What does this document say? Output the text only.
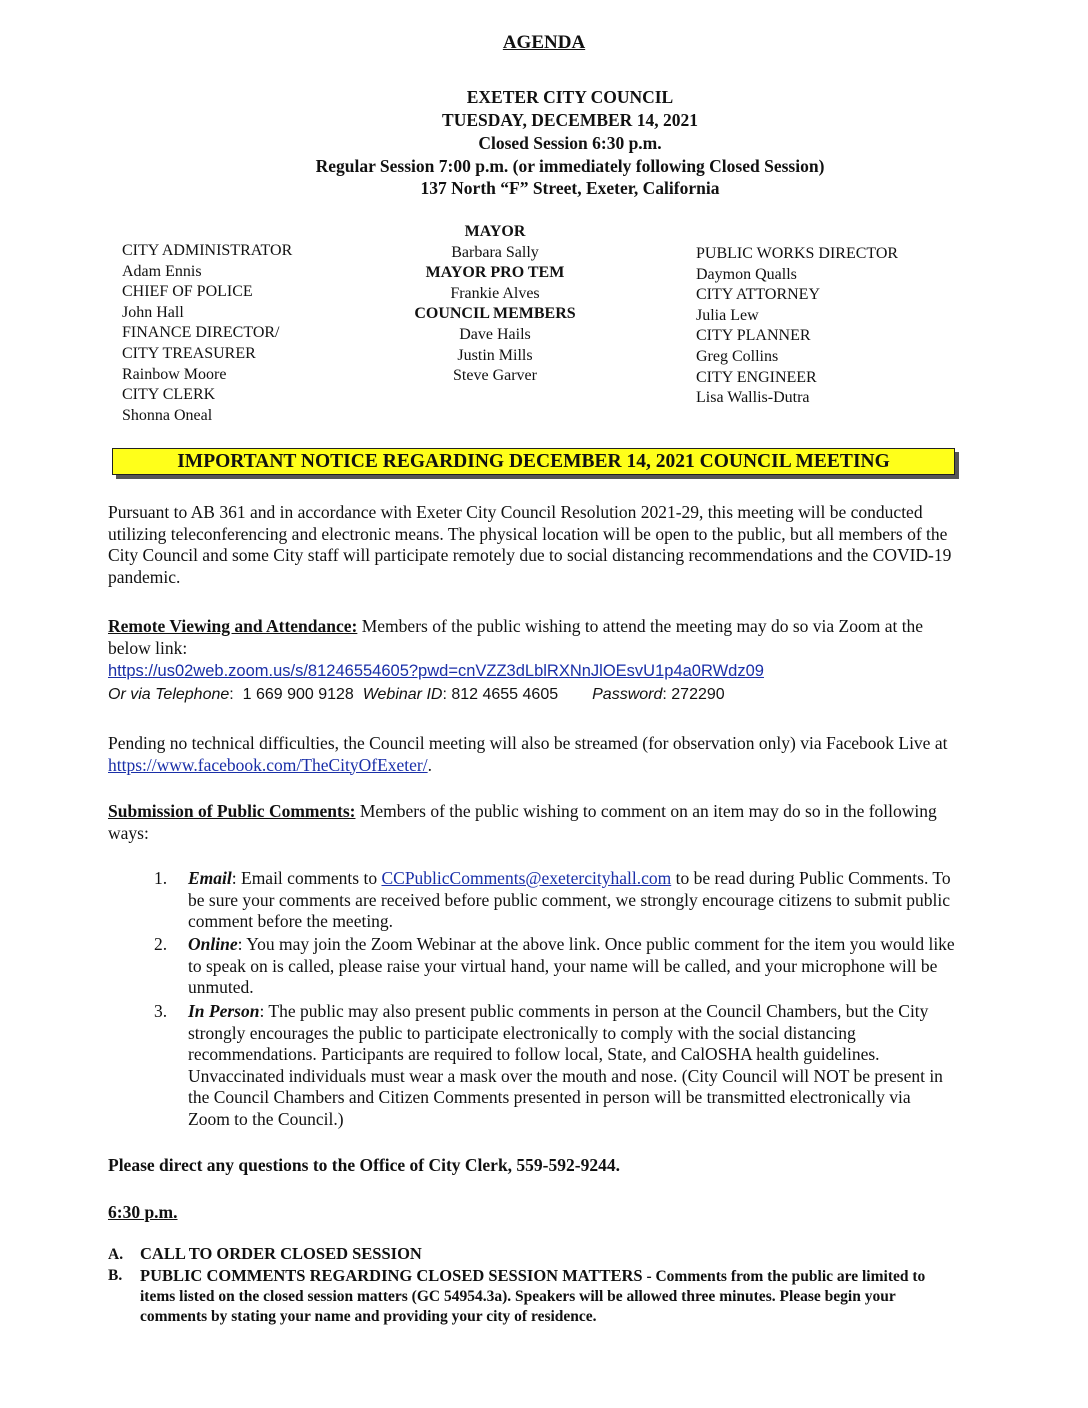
AGENDA
EXETER CITY COUNCIL
TUESDAY, DECEMBER 14, 2021
Closed Session 6:30 p.m.
Regular Session 7:00 p.m. (or immediately following Closed Session)
137 North “F” Street, Exeter, California
CITY ADMINISTRATOR
Adam Ennis
CHIEF OF POLICE
John Hall
FINANCE DIRECTOR/
CITY TREASURER
Rainbow Moore
CITY CLERK
Shonna Oneal
MAYOR
Barbara Sally
MAYOR PRO TEM
Frankie Alves
COUNCIL MEMBERS
Dave Hails
Justin Mills
Steve Garver
PUBLIC WORKS DIRECTOR
Daymon Qualls
CITY ATTORNEY
Julia Lew
CITY PLANNER
Greg Collins
CITY ENGINEER
Lisa Wallis-Dutra
IMPORTANT NOTICE REGARDING DECEMBER 14, 2021 COUNCIL MEETING
Pursuant to AB 361 and in accordance with Exeter City Council Resolution 2021-29, this meeting will be conducted utilizing teleconferencing and electronic means. The physical location will be open to the public, but all members of the City Council and some City staff will participate remotely due to social distancing recommendations and the COVID-19 pandemic.
Remote Viewing and Attendance: Members of the public wishing to attend the meeting may do so via Zoom at the below link:
https://us02web.zoom.us/s/81246554605?pwd=cnVZZ3dLblRXNnJlOEsvU1p4a0RWdz09
Or via Telephone:  1 669 900 9128  Webinar ID: 812 4655 4605 Password: 272290
Pending no technical difficulties, the Council meeting will also be streamed (for observation only) via Facebook Live at https://www.facebook.com/TheCityOfExeter/.
Submission of Public Comments: Members of the public wishing to comment on an item may do so in the following ways:
1. Email: Email comments to CCPublicComments@exetercityhall.com to be read during Public Comments. To be sure your comments are received before public comment, we strongly encourage citizens to submit public comment before the meeting.
2. Online: You may join the Zoom Webinar at the above link. Once public comment for the item you would like to speak on is called, please raise your virtual hand, your name will be called, and your microphone will be unmuted.
3. In Person: The public may also present public comments in person at the Council Chambers, but the City strongly encourages the public to participate electronically to comply with the social distancing recommendations. Participants are required to follow local, State, and CalOSHA health guidelines. Unvaccinated individuals must wear a mask over the mouth and nose. (City Council will NOT be present in the Council Chambers and Citizen Comments presented in person will be transmitted electronically via Zoom to the Council.)
Please direct any questions to the Office of City Clerk, 559-592-9244.
6:30 p.m.
A. CALL TO ORDER CLOSED SESSION
B.	PUBLIC COMMENTS REGARDING CLOSED SESSION MATTERS - Comments from the public are limited to items listed on the closed session matters (GC 54954.3a). Speakers will be allowed three minutes. Please begin your comments by stating your name and providing your city of residence.
